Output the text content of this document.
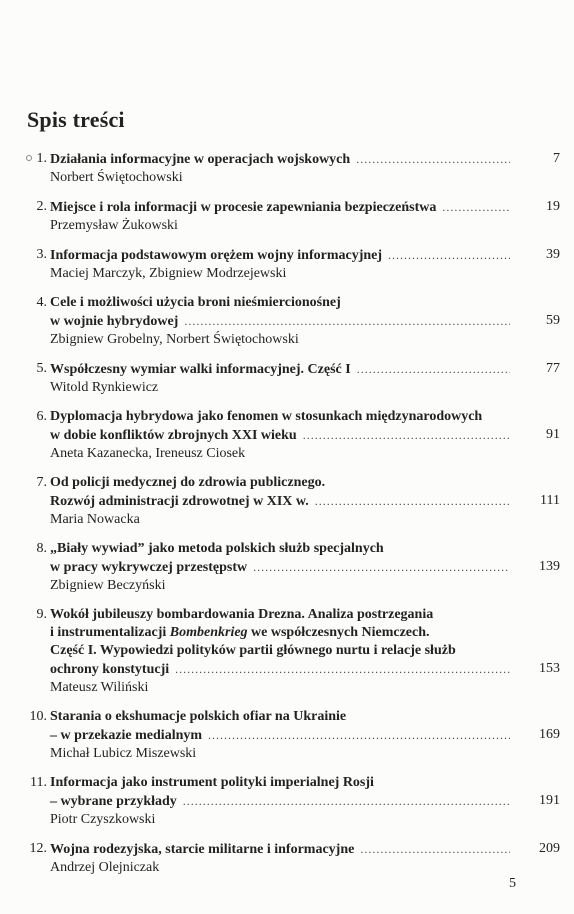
Spis treści
1. Działania informacyjne w operacjach wojskowych .....	7
Norbert Świętochowski
2. Miejsce i rola informacji w procesie zapewniania bezpieczeństwa .....	19
Przemysław Żukowski
3. Informacja podstawowym orężem wojny informacyjnej .....	39
Maciej Marczyk, Zbigniew Modrzejewski
4. Cele i możliwości użycia broni nieśmiercionośnej
w wojnie hybrydowej .....	59
Zbigniew Grobelny, Norbert Świętochowski
5. Współczesny wymiar walki informacyjnej. Część I .....	77
Witold Rynkiewicz
6. Dyplomacja hybrydowa jako fenomen w stosunkach międzynarodowych
w dobie konfliktów zbrojnych XXI wieku .....	91
Aneta Kazanecka, Ireneusz Ciosek
7. Od policji medycznej do zdrowia publicznego.
Rozwój administracji zdrowotnej w XIX w. .....	111
Maria Nowacka
8. „Biały wywiad” jako metoda polskich służb specjalnych
w pracy wykrywczej przestępstw .....	139
Zbigniew Beczyński
9. Wokół jubileuszy bombardowania Drezna. Analiza postrzegania
i instrumentalizacji Bombenkrieg we współczesnych Niemczech.
Część I. Wypowiedzi polityków partii głównego nurtu i relacje służb
ochrony konstytucji .....	153
Mateusz Wiliński
10. Starania o ekshumacje polskich ofiar na Ukrainie
– w przekazie medialnym .....	169
Michał Lubicz Miszewski
11. Informacja jako instrument polityki imperialnej Rosji
– wybrane przykłady .....	191
Piotr Czyszkowski
12. Wojna rodezyjska, starcie militarne i informacyjne .....	209
Andrzej Olejniczak
5
